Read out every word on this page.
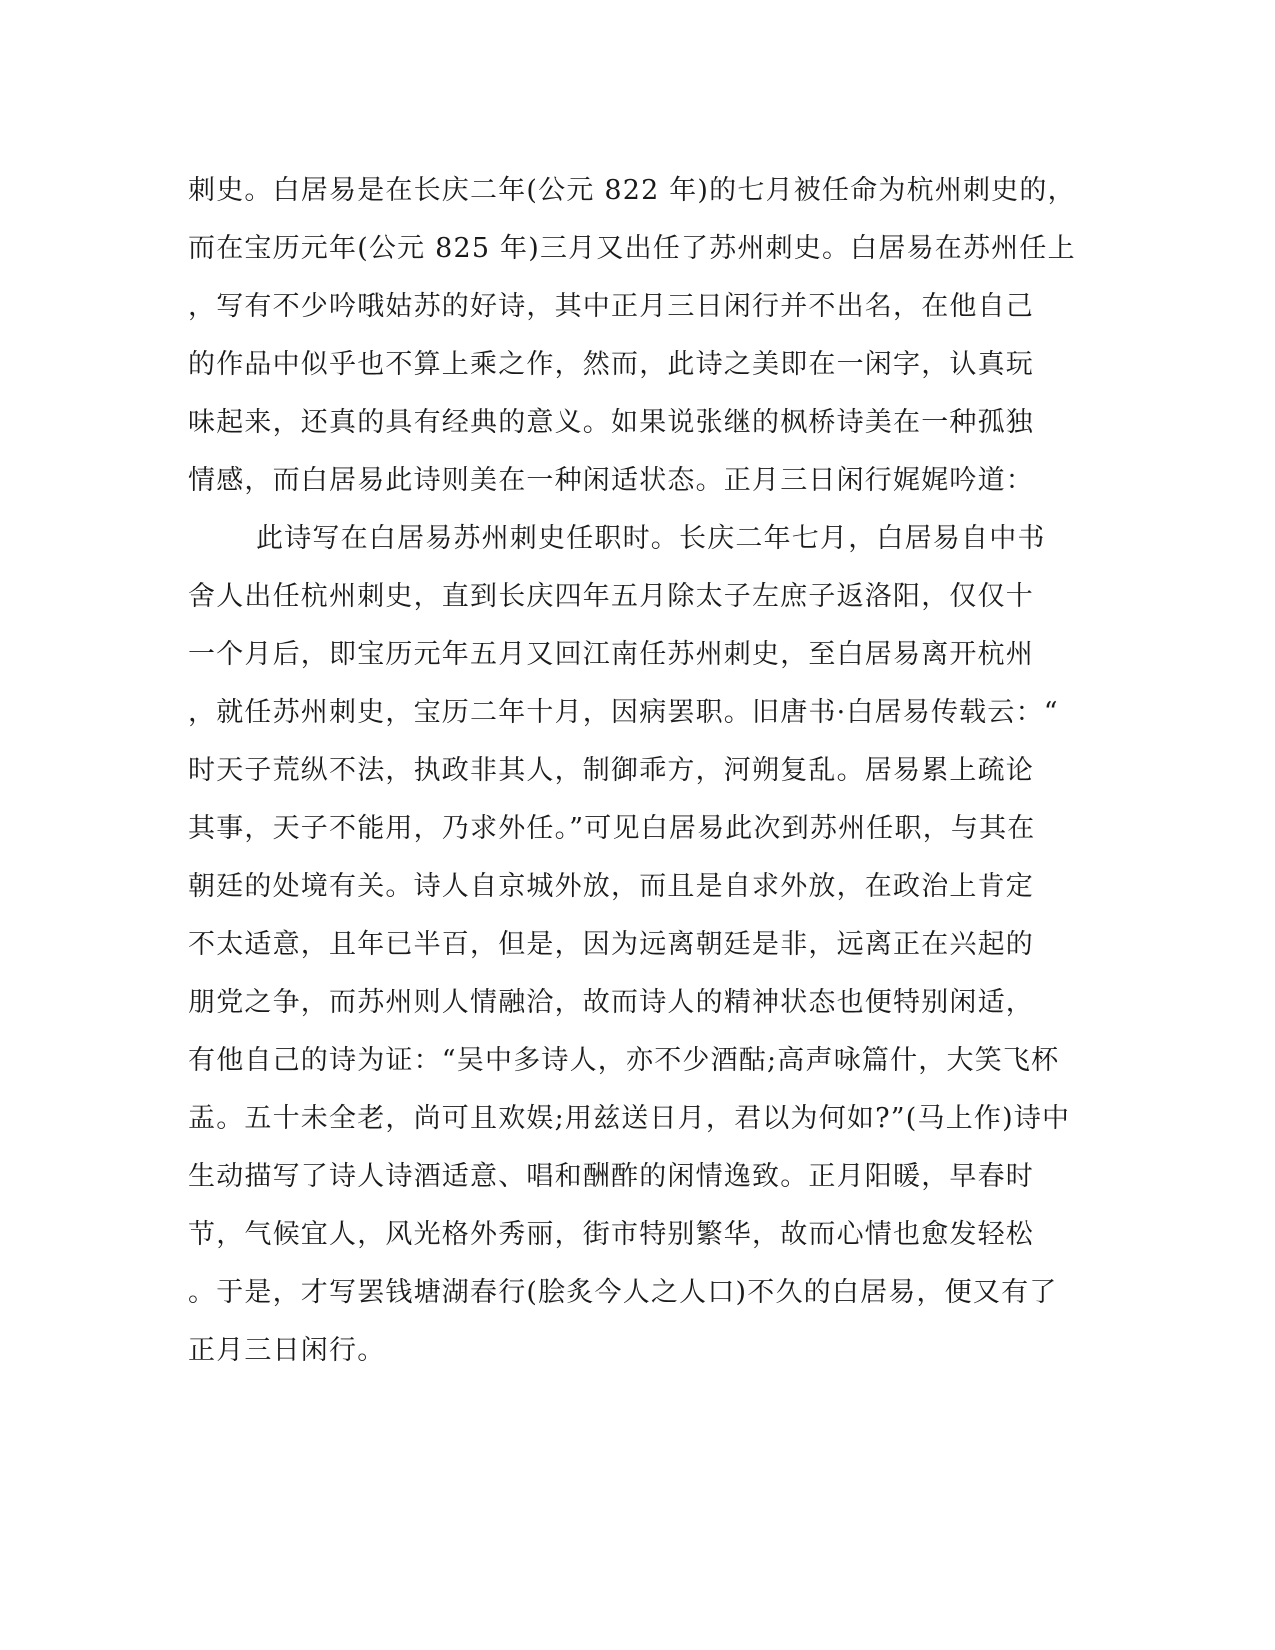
刺史。白居易是在长庆二年(公元 822 年)的七月被任命为杭州刺史的，
而在宝历元年(公元 825 年)三月又出任了苏州刺史。白居易在苏州任上
，写有不少吟哦姑苏的好诗，其中正月三日闲行并不出名，在他自己
的作品中似乎也不算上乘之作，然而，此诗之美即在一闲字，认真玩
味起来，还真的具有经典的意义。如果说张继的枫桥诗美在一种孤独
情感，而白居易此诗则美在一种闲适状态。正月三日闲行娓娓吟道：
此诗写在白居易苏州刺史任职时。长庆二年七月，白居易自中书
舍人出任杭州刺史，直到长庆四年五月除太子左庶子返洛阳，仅仅十
一个月后，即宝历元年五月又回江南任苏州刺史，至白居易离开杭州
，就任苏州刺史，宝历二年十月，因病罢职。旧唐书·白居易传载云：“
时天子荒纵不法，执政非其人，制御乖方，河朔复乱。居易累上疏论
其事，天子不能用，乃求外任。”可见白居易此次到苏州任职，与其在
朝廷的处境有关。诗人自京城外放，而且是自求外放，在政治上肯定
不太适意，且年已半百，但是，因为远离朝廷是非，远离正在兴起的
朋党之争，而苏州则人情融洽，故而诗人的精神状态也便特别闲适，
有他自己的诗为证：“吴中多诗人，亦不少酒酤;高声咏篇什，大笑飞杯
盂。五十未全老，尚可且欢娱;用兹送日月，君以为何如?”(马上作)诗中
生动描写了诗人诗酒适意、唱和酬酢的闲情逸致。正月阳暖，早春时
节，气候宜人，风光格外秀丽，街市特别繁华，故而心情也愈发轻松
。于是，才写罢钱塘湖春行(脍炙今人之人口)不久的白居易，便又有了
正月三日闲行。
